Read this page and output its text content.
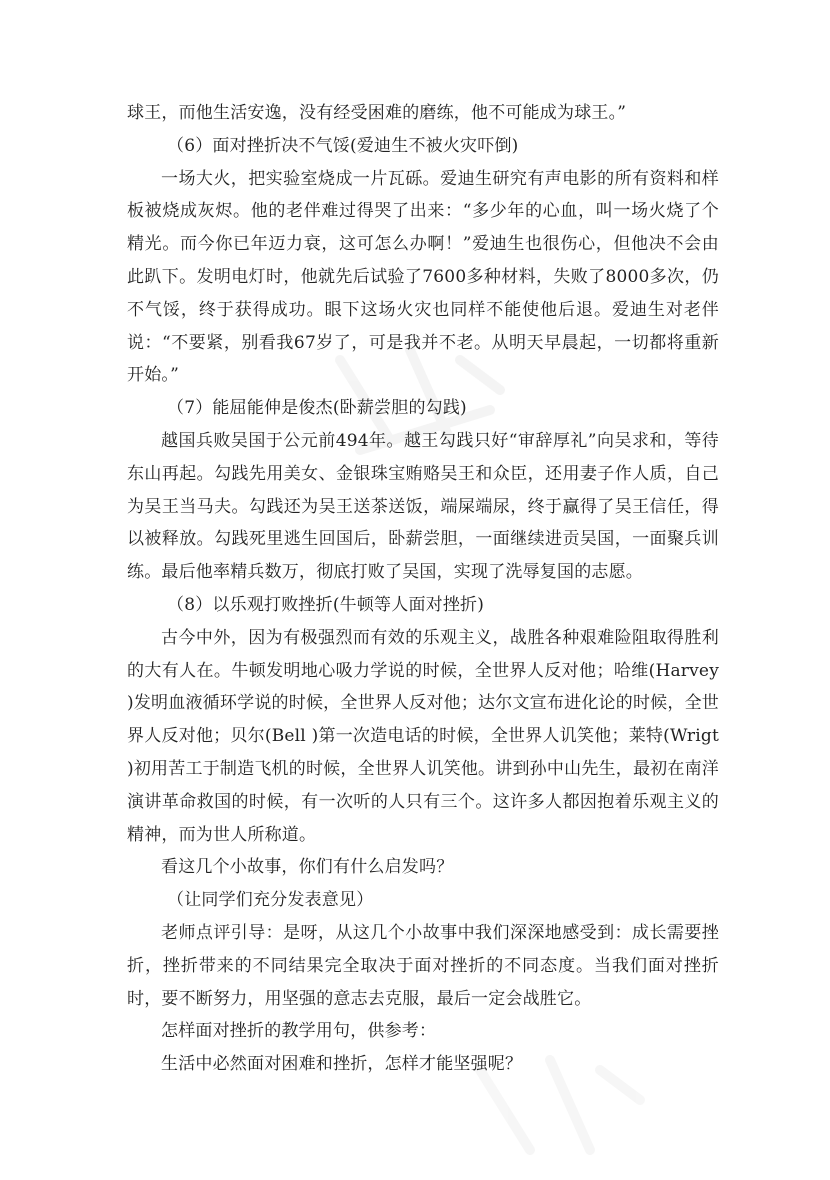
球王，而他生活安逸，没有经受困难的磨练，他不可能成为球王。”

（6）面对挫折决不气馁(爱迪生不被火灾吓倒)

一场大火，把实验室烧成一片瓦砾。爱迪生研究有声电影的所有资料和样板被烧成灰烬。他的老伴难过得哭了出来：“多少年的心血，叫一场火烧了个精光。而今你已年迈力衰，这可怎么办啊！”爱迪生也很伤心，但他决不会由此趴下。发明电灯时，他就先后试验了7600多种材料，失败了8000多次，仍不气馁，终于获得成功。眼下这场火灾也同样不能使他后退。爱迪生对老伴说：“不要紧，别看我67岁了，可是我并不老。从明天早晨起，一切都将重新开始。”

（7）能屈能伸是俊杰(卧薪尝胆的勾践)

越国兵败吴国于公元前494年。越王勾践只好“审辞厚礼”向吴求和，等待东山再起。勾践先用美女、金银珠宝贿赂吴王和众臣，还用妻子作人质，自己为吴王当马夫。勾践还为吴王送茶送饭，端屎端尿，终于赢得了吴王信任，得以被释放。勾践死里逃生回国后，卧薪尝胆，一面继续进贡吴国，一面聚兵训练。最后他率精兵数万，彻底打败了吴国，实现了洗辱复国的志愿。

（8）以乐观打败挫折(牛顿等人面对挫折)

古今中外，因为有极强烈而有效的乐观主义，战胜各种艰难险阻取得胜利的大有人在。牛顿发明地心吸力学说的时候，全世界人反对他；哈维(Harvey )发明血液循环学说的时候，全世界人反对他；达尔文宣布进化论的时候，全世界人反对他；贝尔(Bell )第一次造电话的时候，全世界人讥笑他；莱特(Wrigt )初用苦工于制造飞机的时候，全世界人讥笑他。讲到孙中山先生，最初在南洋演讲革命救国的时候，有一次听的人只有三个。这许多人都因抱着乐观主义的精神，而为世人所称道。

看这几个小故事，你们有什么启发吗？

（让同学们充分发表意见）

老师点评引导：是呀，从这几个小故事中我们深深地感受到：成长需要挫折，挫折带来的不同结果完全取决于面对挫折的不同态度。当我们面对挫折时，要不断努力，用坚强的意志去克服，最后一定会战胜它。

怎样面对挫折的教学用句，供参考：

生活中必然面对困难和挫折，怎样才能坚强呢？
